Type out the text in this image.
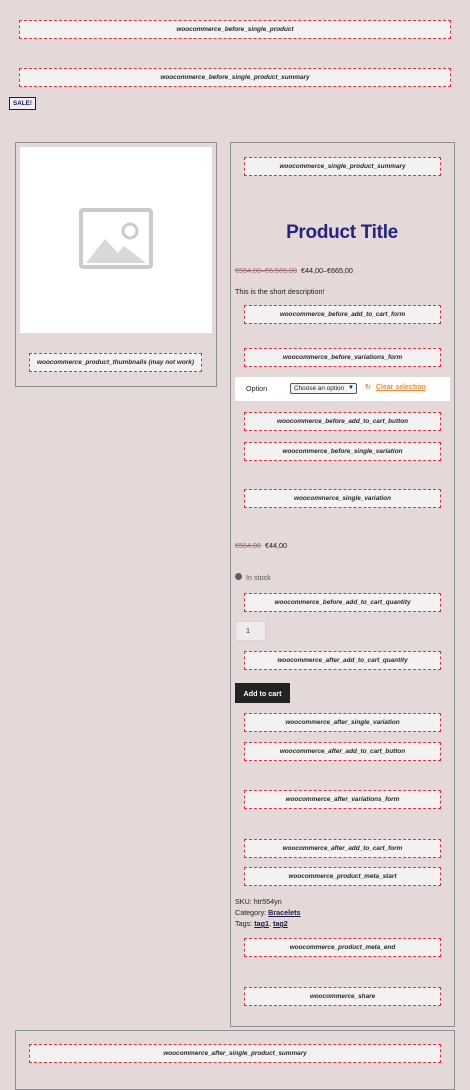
woocommerce_before_single_product
woocommerce_before_single_product_summary
SALE!
woocommerce_product_thumbnails (may not work)
woocommerce_single_product_summary
Product Title
€554,00–€6.565,00 €44,00–€665,00
This is the short description!
woocommerce_before_add_to_cart_form
woocommerce_before_variations_form
Option	Choose an option ▼ ↻ Clear selection
woocommerce_before_add_to_cart_button
woocommerce_before_single_variation
woocommerce_single_variation
€554,00 €44,00
In stock
woocommerce_before_add_to_cart_quantity
1
woocommerce_after_add_to_cart_quantity
Add to cart
woocommerce_after_single_variation
woocommerce_after_add_to_cart_button
woocommerce_after_variations_form
woocommerce_after_add_to_cart_form
woocommerce_product_meta_start
SKU: htr554yn
Category: Bracelets
Tags: tag1, tag2
woocommerce_product_meta_end
woocommerce_share
woocommerce_after_single_product_summary
